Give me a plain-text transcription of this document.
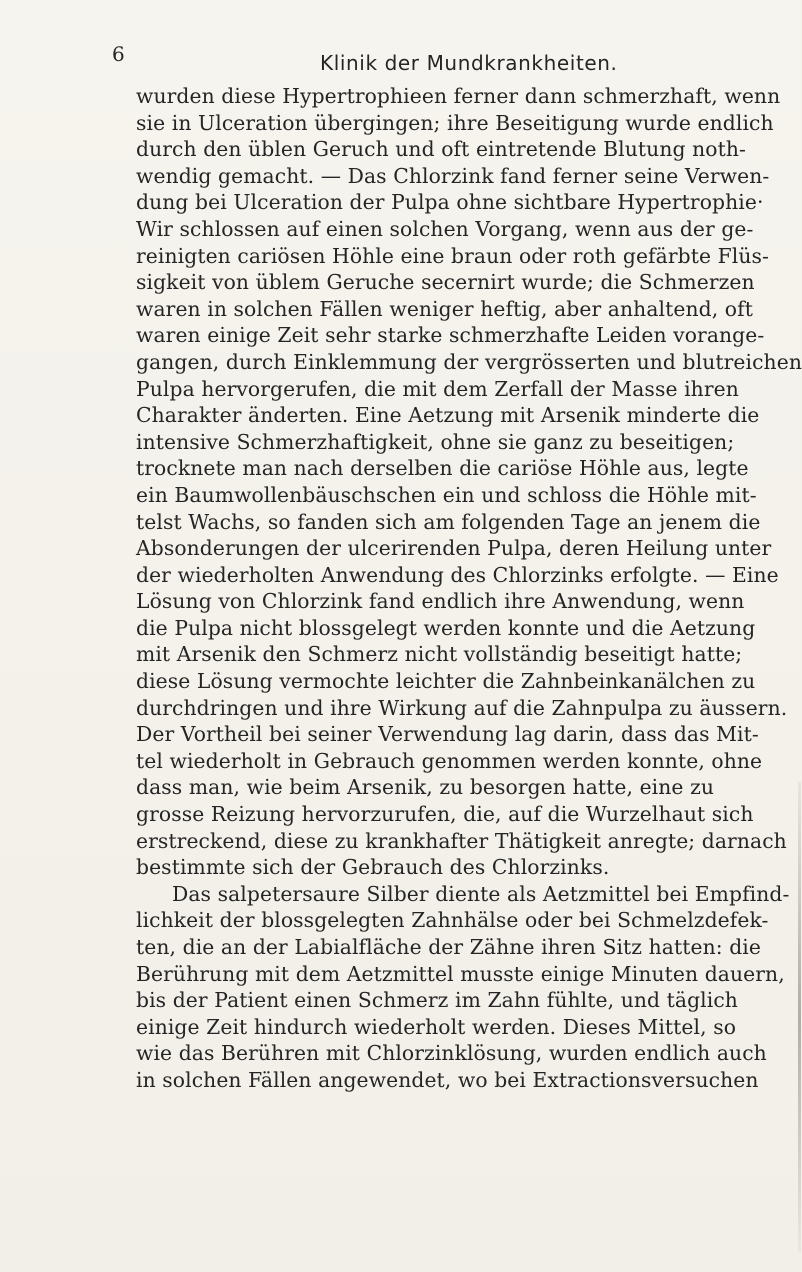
6	Klinik der Mundkrankheiten.
wurden diese Hypertrophieen ferner dann schmerzhaft, wenn
sie in Ulceration übergingen; ihre Beseitigung wurde endlich
durch den üblen Geruch und oft eintretende Blutung noth-
wendig gemacht. — Das Chlorzink fand ferner seine Verwen-
dung bei Ulceration der Pulpa ohne sichtbare Hypertrophie·
Wir schlossen auf einen solchen Vorgang, wenn aus der ge-
reinigten cariösen Höhle eine braun oder roth gefärbte Flüs-
sigkeit von üblem Geruche secernirt wurde; die Schmerzen
waren in solchen Fällen weniger heftig, aber anhaltend, oft
waren einige Zeit sehr starke schmerzhafte Leiden vorange-
gangen, durch Einklemmung der vergrösserten und blutreichen
Pulpa hervorgerufen, die mit dem Zerfall der Masse ihren
Charakter änderten. Eine Aetzung mit Arsenik minderte die
intensive Schmerzhaftigkeit, ohne sie ganz zu beseitigen;
trocknete man nach derselben die cariöse Höhle aus, legte
ein Baumwollenbäuschschen ein und schloss die Höhle mit-
telst Wachs, so fanden sich am folgenden Tage an jenem die
Absonderungen der ulcerirenden Pulpa, deren Heilung unter
der wiederholten Anwendung des Chlorzinks erfolgte. — Eine
Lösung von Chlorzink fand endlich ihre Anwendung, wenn
die Pulpa nicht blossgelegt werden konnte und die Aetzung
mit Arsenik den Schmerz nicht vollständig beseitigt hatte;
diese Lösung vermochte leichter die Zahnbeinkanälchen zu
durchdringen und ihre Wirkung auf die Zahnpulpa zu äussern.
Der Vortheil bei seiner Verwendung lag darin, dass das Mit-
tel wiederholt in Gebrauch genommen werden konnte, ohne
dass man, wie beim Arsenik, zu besorgen hatte, eine zu
grosse Reizung hervorzurufen, die, auf die Wurzelhaut sich
erstreckend, diese zu krankhafter Thätigkeit anregte; darnach
bestimmte sich der Gebrauch des Chlorzinks.
Das salpetersaure Silber diente als Aetzmittel bei Empfind-
lichkeit der blossgelegten Zahnhälse oder bei Schmelzdefek-
ten, die an der Labialfläche der Zähne ihren Sitz hatten: die
Berührung mit dem Aetzmittel musste einige Minuten dauern,
bis der Patient einen Schmerz im Zahn fühlte, und täglich
einige Zeit hindurch wiederholt werden. Dieses Mittel, so
wie das Berühren mit Chlorzinklösung, wurden endlich auch
in solchen Fällen angewendet, wo bei Extractionsversuchen
